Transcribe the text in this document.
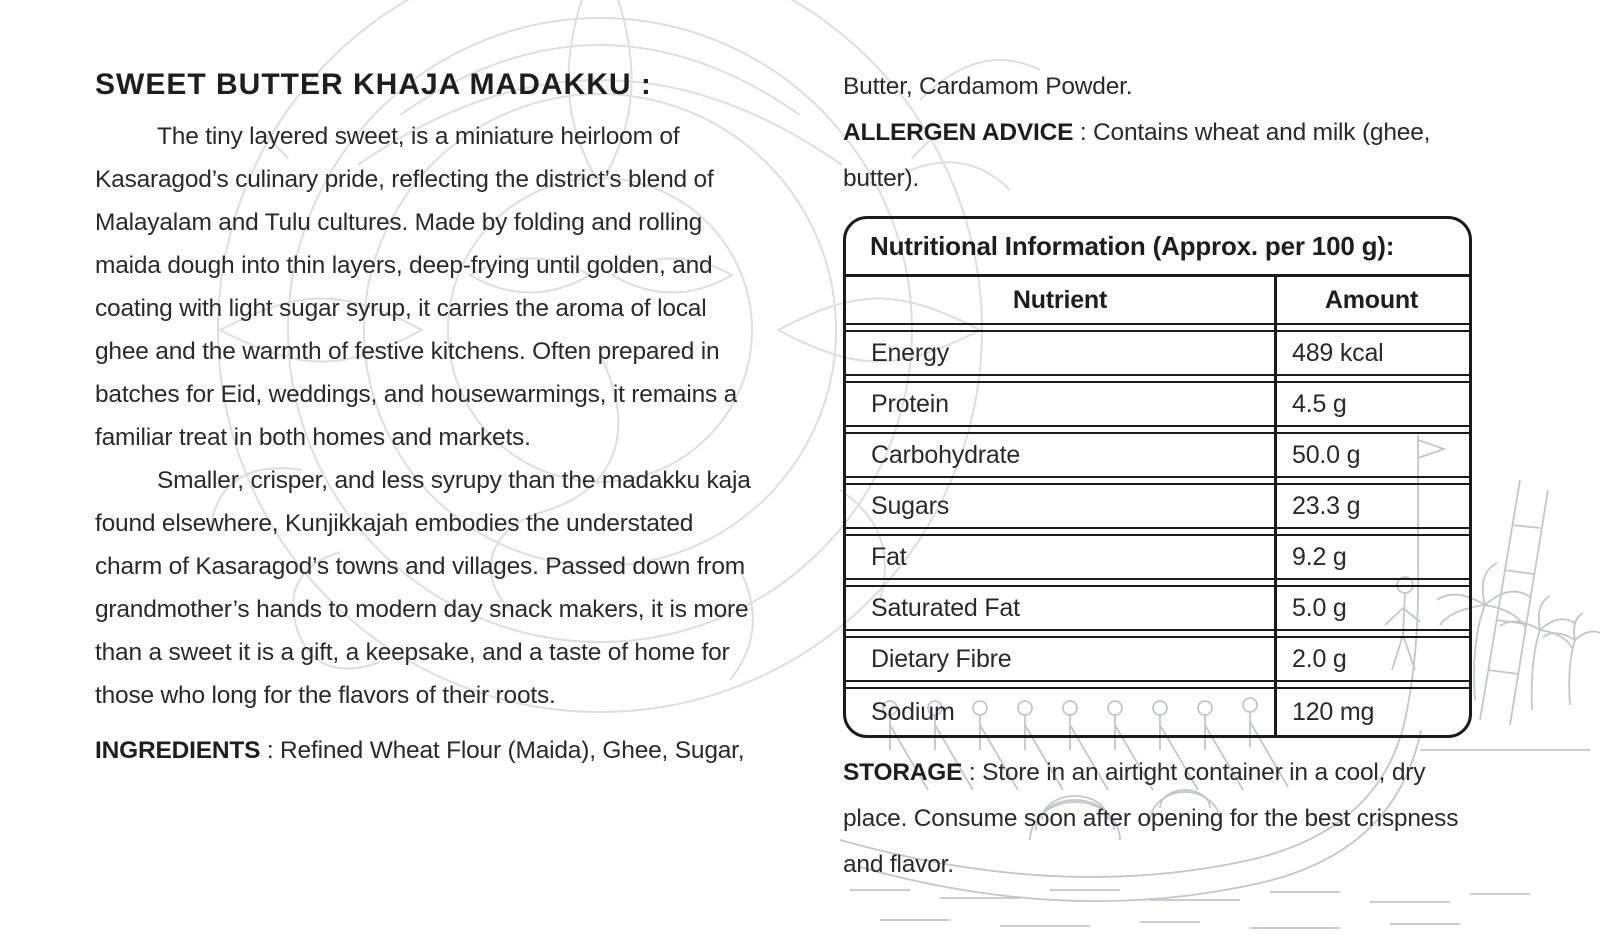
SWEET BUTTER KHAJA MADAKKU :

The tiny layered sweet, is a miniature heirloom of Kasaragod’s culinary pride, reflecting the district’s blend of Malayalam and Tulu cultures. Made by folding and rolling maida dough into thin layers, deep-frying until golden, and coating with light sugar syrup, it carries the aroma of local ghee and the warmth of festive kitchens. Often prepared in batches for Eid, weddings, and housewarmings, it remains a familiar treat in both homes and markets.

Smaller, crisper, and less syrupy than the madakku kaja found elsewhere, Kunjikkajah embodies the understated charm of Kasaragod’s towns and villages. Passed down from grandmother’s hands to modern day snack makers, it is more than a sweet it is a gift, a keepsake, and a taste of home for those who long for the flavors of their roots.

INGREDIENTS : Refined Wheat Flour (Maida), Ghee, Sugar,

Butter, Cardamom Powder.

ALLERGEN ADVICE : Contains wheat and milk (ghee, butter).

Nutritional Information (Approx. per 100 g):
Nutrient	Amount
Energy	489 kcal
Protein	4.5 g
Carbohydrate	50.0 g
Sugars	23.3 g
Fat	9.2 g
Saturated Fat	5.0 g
Dietary Fibre	2.0 g
Sodium	120 mg

STORAGE : Store in an airtight container in a cool, dry place. Consume soon after opening for the best crispness and flavor.
